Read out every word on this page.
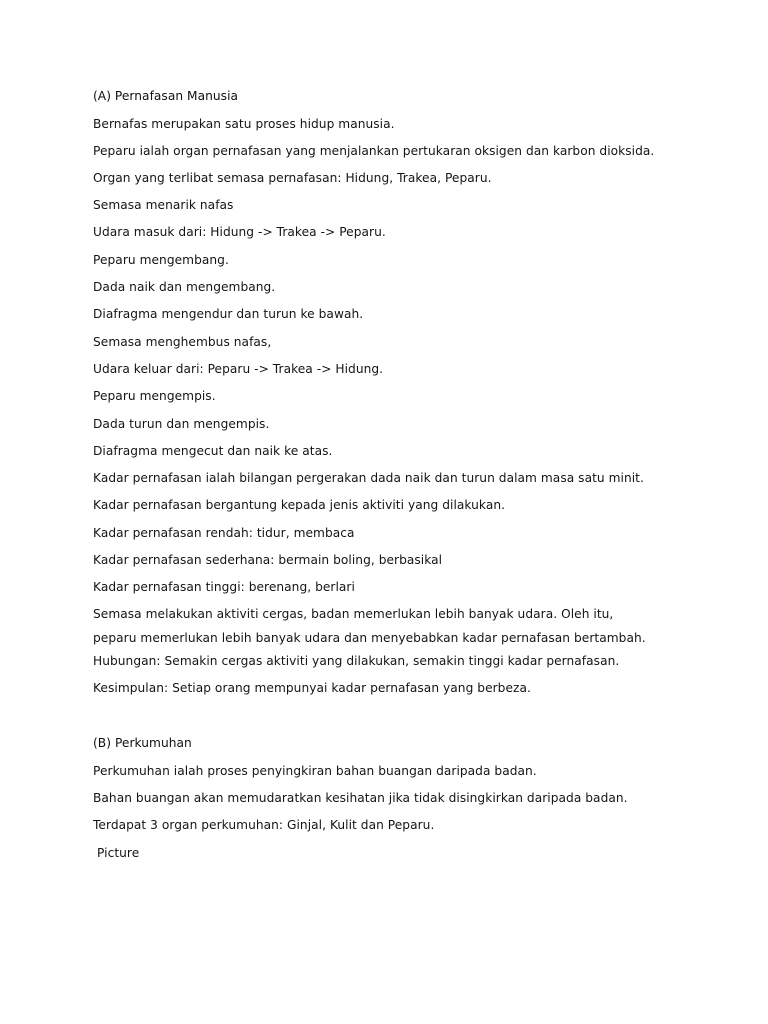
(A) Pernafasan Manusia
Bernafas merupakan satu proses hidup manusia.
Peparu ialah organ pernafasan yang menjalankan pertukaran oksigen dan karbon dioksida.
Organ yang terlibat semasa pernafasan: Hidung, Trakea, Peparu.
Semasa menarik nafas
Udara masuk dari: Hidung -> Trakea -> Peparu.
Peparu mengembang.
Dada naik dan mengembang.
Diafragma mengendur dan turun ke bawah.
Semasa menghembus nafas,
Udara keluar dari: Peparu -> Trakea -> Hidung.
Peparu mengempis.
Dada turun dan mengempis.
Diafragma mengecut dan naik ke atas.
Kadar pernafasan ialah bilangan pergerakan dada naik dan turun dalam masa satu minit.
Kadar pernafasan bergantung kepada jenis aktiviti yang dilakukan.
Kadar pernafasan rendah: tidur, membaca
Kadar pernafasan sederhana: bermain boling, berbasikal
Kadar pernafasan tinggi: berenang, berlari
Semasa melakukan aktiviti cergas, badan memerlukan lebih banyak udara. Oleh itu, peparu memerlukan lebih banyak udara dan menyebabkan kadar pernafasan bertambah.
Hubungan: Semakin cergas aktiviti yang dilakukan, semakin tinggi kadar pernafasan.
Kesimpulan: Setiap orang mempunyai kadar pernafasan yang berbeza.
(B) Perkumuhan
Perkumuhan ialah proses penyingkiran bahan buangan daripada badan.
Bahan buangan akan memudaratkan kesihatan jika tidak disingkirkan daripada badan.
Terdapat 3 organ perkumuhan: Ginjal, Kulit dan Peparu.
Picture
